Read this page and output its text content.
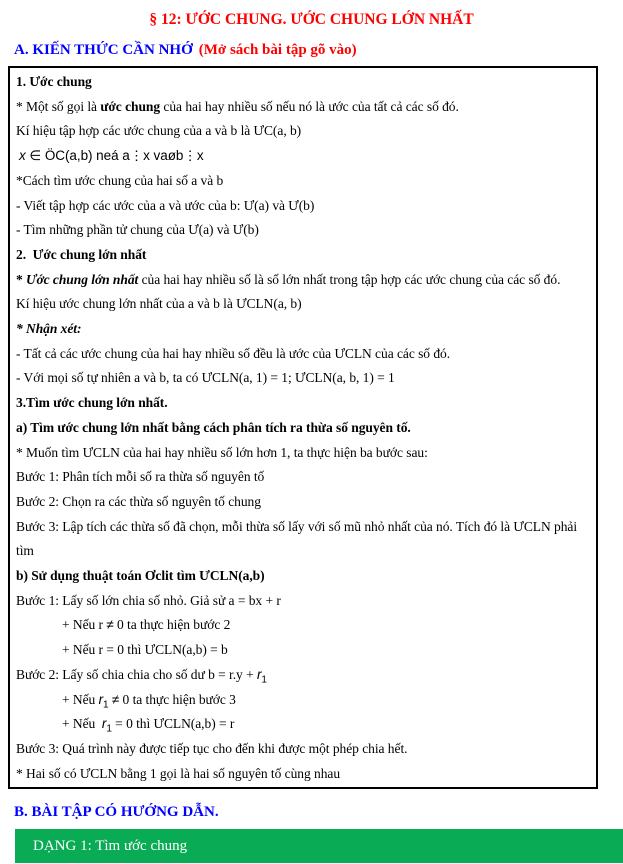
§ 12: ƯỚC CHUNG. ƯỚC CHUNG LỚN NHẤT
A. KIẾN THỨC CẦN NHỚ (Mở sách bài tập gõ vào)
1. Ước chung
* Một số gọi là ước chung của hai hay nhiều số nếu nó là ước của tất cả các số đó.
Kí hiệu tập hợp các ước chung của a và b là ƯC(a, b)
x ∈ ÖC(a,b) neá a⋮x vaøb⋮x
*Cách tìm ước chung của hai số a và b
- Viết tập hợp các ước của a và ước của b: Ư(a) và Ư(b)
- Tìm những phần tử chung của Ư(a) và Ư(b)
2.  Ước chung lớn nhất
* Ước chung lớn nhất của hai hay nhiều số là số lớn nhất trong tập hợp các ước chung của các số đó.
Kí hiệu ước chung lớn nhất của a và b là ƯCLN(a, b)
* Nhận xét:
- Tất cả các ước chung của hai hay nhiều số đều là ước của ƯCLN của các số đó.
- Với mọi số tự nhiên a và b, ta có ƯCLN(a, 1) = 1; ƯCLN(a, b, 1) = 1
3.Tìm ước chung lớn nhất.
a) Tìm ước chung lớn nhất bằng cách phân tích ra thừa số nguyên tố.
* Muốn tìm ƯCLN của hai hay nhiều số lớn hơn 1, ta thực hiện ba bước sau:
Bước 1: Phân tích mỗi số ra thừa số nguyên tố
Bước 2: Chọn ra các thừa số nguyên tố chung
Bước 3: Lập tích các thừa số đã chọn, mỗi thừa số lấy với số mũ nhỏ nhất của nó. Tích đó là ƯCLN phải tìm
b) Sử dụng thuật toán Ơclit tìm ƯCLN(a,b)
Bước 1: Lấy số lớn chia số nhỏ. Giả sử a = bx + r
+ Nếu r ≠ 0 ta thực hiện bước 2
+ Nếu r = 0 thì ƯCLN(a,b) = b
Bước 2: Lấy số chia chia cho số dư $b = r.y + r_1$
+ Nếu $r_1 \ne 0$ ta thực hiện bước 3
+ Nếu  $r_1 = 0$ thì ƯCLN(a,b) = r
Bước 3: Quá trình này được tiếp tục cho đến khi được một phép chia hết.
* Hai số có ƯCLN bằng 1 gọi là hai số nguyên tố cùng nhau
B. BÀI TẬP CÓ HƯỚNG DẪN.
DẠNG 1: Tìm ước chung
